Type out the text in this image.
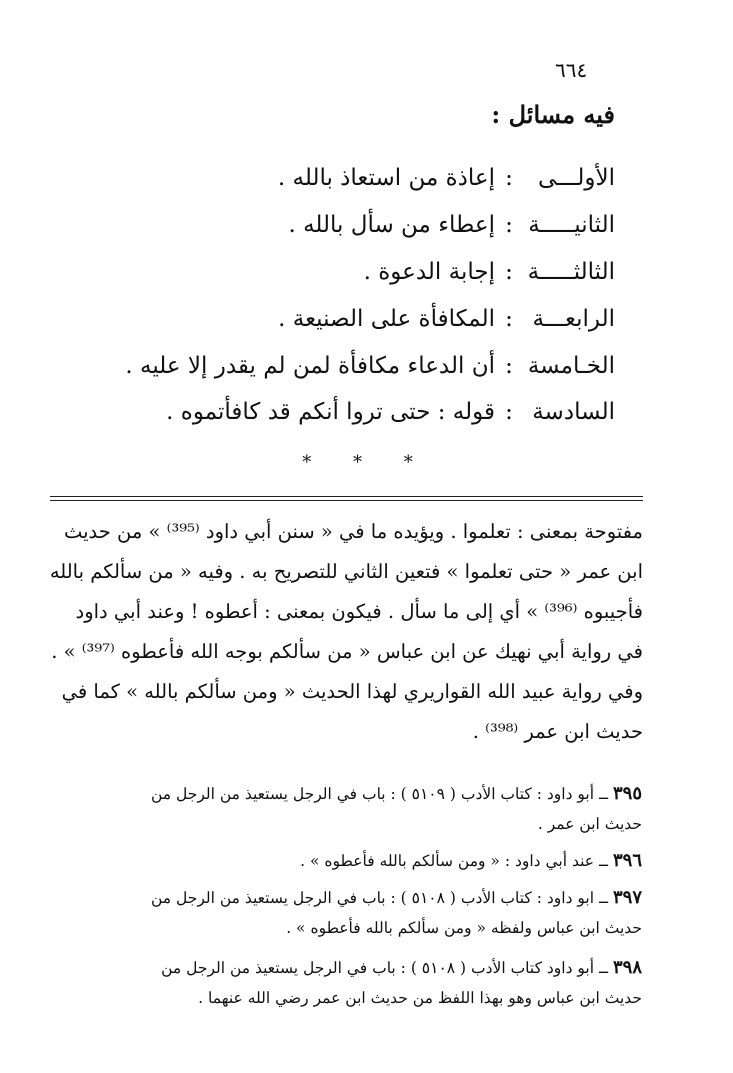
٦٦٤
فيه مسائل :
الأولـــى
:
إعاذة من استعاذ بالله .
الثانيـــــة
:
إعطاء من سأل بالله .
الثالثـــــة
:
إجابة الدعوة .
الرابعـــة
:
المكافأة على الصنيعة .
الخـامسة
:
أن الدعاء مكافأة لمن لم يقدر إلا عليه .
السادسة
:
قوله : حتى تروا أنكم قد كافأتموه .
* * *
مفتوحة بمعنى : تعلموا . ويؤيده ما في « سنن أبي داود ⁽³⁹⁵⁾ » من حديث
ابن عمر « حتى تعلموا » فتعين الثاني للتصريح به . وفيه « من سألكم بالله
فأجيبوه ⁽³⁹⁶⁾ » أي إلى ما سأل . فيكون بمعنى : أعطوه ! وعند أبي داود
في رواية أبي نهيك عن ابن عباس « من سألكم بوجه الله فأعطوه ⁽³⁹⁷⁾ » .
وفي رواية عبيد الله القواريري لهذا الحديث « ومن سألكم بالله » كما في
حديث ابن عمر ⁽³⁹⁸⁾ .
٣٩٥ ــ أبو داود : كتاب الأدب ( ٥١٠٩ ) : باب في الرجل يستعيذ من الرجل من
حديث ابن عمر .
٣٩٦ ــ عند أبي داود : « ومن سألكم بالله فأعطوه » .
٣٩٧ ــ ابو داود : كتاب الأدب ( ٥١٠٨ ) : باب في الرجل يستعيذ من الرجل من
حديث ابن عباس ولفظه « ومن سألكم بالله فأعطوه » .
٣٩٨ ــ أبو داود كتاب الأدب ( ٥١٠٨ ) : باب في الرجل يستعيذ من الرجل من
حديث ابن عباس وهو بهذا اللفظ من حديث ابن عمر رضي الله عنهما .
